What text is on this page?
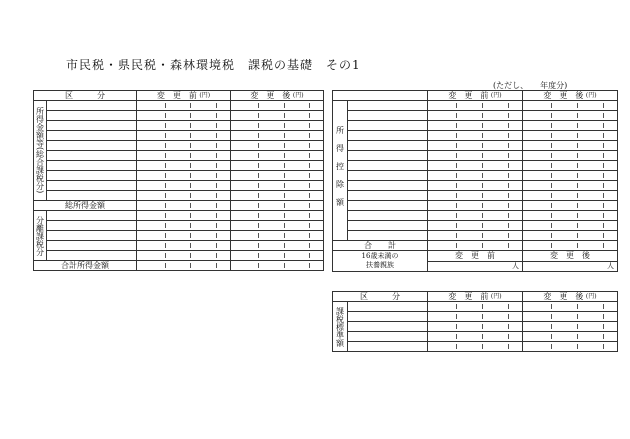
市民税・県民税・森林環境税　課税の基礎　その1
(ただし、　　年度分)
区　　　分		変　更　前 $^{(円)}$	変　更　後 $^{(円)}$

所得金額等(総合課税分)			

総所得金額			

分離課税分			

合計所得金額			
		変　更　前 $^{(円)}$	変　更　後 $^{(円)}$

所得控除額			

合　　計			
16歳未満の
扶養親族		変　更　前	変　更　後
		人	人
区　　　分		変　更　前 $^{(円)}$	変　更　後 $^{(円)}$

課税標準額			
